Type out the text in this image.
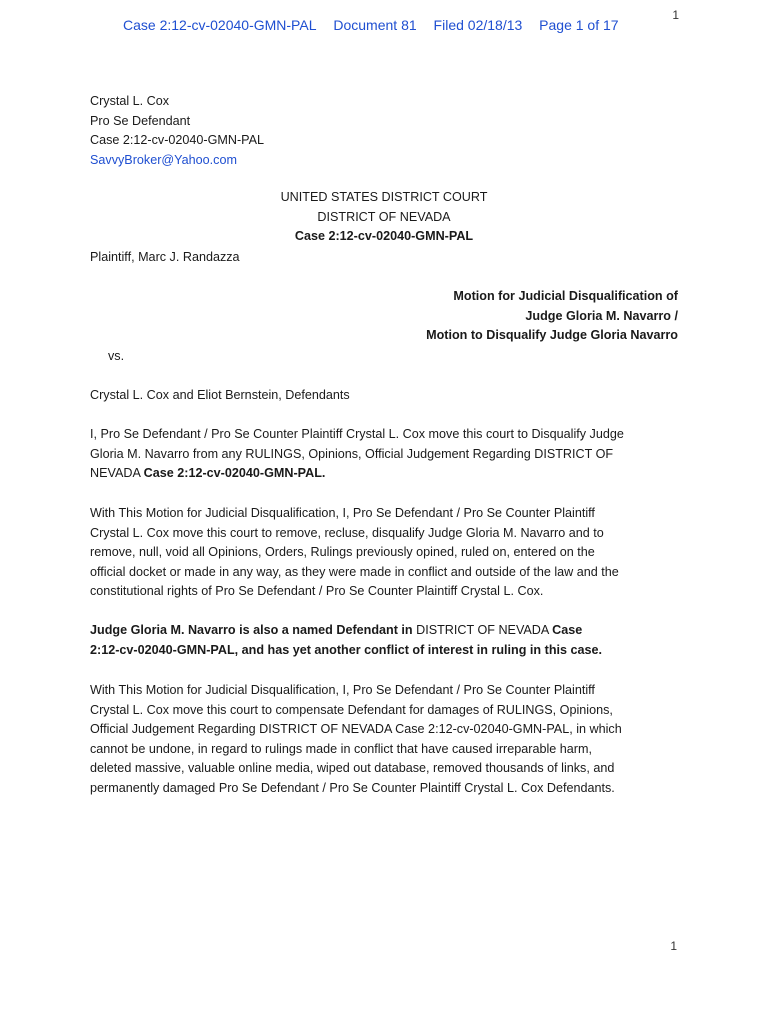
Case 2:12-cv-02040-GMN-PAL Document 81 Filed 02/18/13 Page 1 of 17
1
Crystal L. Cox
Pro Se Defendant
Case 2:12-cv-02040-GMN-PAL
SavvyBroker@Yahoo.com
UNITED STATES DISTRICT COURT
DISTRICT OF NEVADA
Case 2:12-cv-02040-GMN-PAL
Plaintiff, Marc J. Randazza
Motion for Judicial Disqualification of
Judge Gloria M. Navarro /
Motion to Disqualify Judge Gloria Navarro
vs.
Crystal L. Cox and Eliot Bernstein, Defendants
I, Pro Se Defendant / Pro Se Counter Plaintiff Crystal L. Cox move this court to Disqualify Judge
Gloria M. Navarro from any RULINGS, Opinions, Official Judgement Regarding DISTRICT OF
NEVADA Case 2:12-cv-02040-GMN-PAL.
With This Motion for Judicial Disqualification, I, Pro Se Defendant / Pro Se Counter Plaintiff
Crystal L. Cox move this court to remove, recluse, disqualify Judge Gloria M. Navarro and to
remove, null, void all Opinions, Orders, Rulings previously opined, ruled on, entered on the
official docket or made in any way, as they were made in conflict and outside of the law and the
constitutional rights of Pro Se Defendant / Pro Se Counter Plaintiff Crystal L. Cox.
Judge Gloria M. Navarro is also a named Defendant in DISTRICT OF NEVADA Case
2:12-cv-02040-GMN-PAL, and has yet another conflict of interest in ruling in this case.
With This Motion for Judicial Disqualification, I, Pro Se Defendant / Pro Se Counter Plaintiff
Crystal L. Cox move this court to compensate Defendant for damages of RULINGS, Opinions,
Official Judgement Regarding DISTRICT OF NEVADA Case 2:12-cv-02040-GMN-PAL, in which
cannot be undone, in regard to rulings made in conflict that have caused irreparable harm,
deleted massive, valuable online media, wiped out database, removed thousands of links, and
permanently damaged Pro Se Defendant / Pro Se Counter Plaintiff Crystal L. Cox Defendants.
1
